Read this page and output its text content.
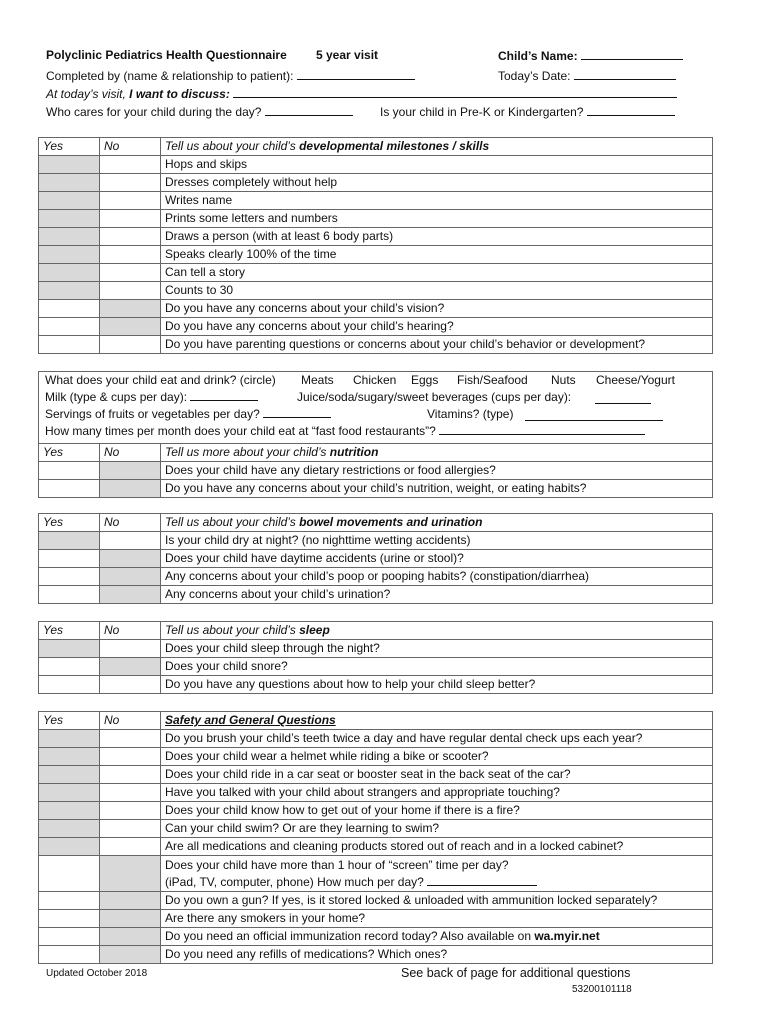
Polyclinic Pediatrics Health Questionnaire 5 year visit	Child’s Name:
Completed by (name & relationship to patient):	Today’s Date:
At today’s visit, I want to discuss:
Who cares for your child during the day?	Is your child in Pre-K or Kindergarten?
Yes	No	Tell us about your child’s developmental milestones / skills
		Hops and skips
		Dresses completely without help
		Writes name
		Prints some letters and numbers
		Draws a person (with at least 6 body parts)
		Speaks clearly 100% of the time
		Can tell a story
		Counts to 30
		Do you have any concerns about your child’s vision?
		Do you have any concerns about your child’s hearing?
		Do you have parenting questions or concerns about your child’s behavior or development?
What does your child eat and drink? (circle) Meats Chicken Eggs Fish/Seafood Nuts Cheese/Yogurt
Milk (type & cups per day):	Juice/soda/sugary/sweet beverages (cups per day):
Servings of fruits or vegetables per day?	Vitamins? (type)
How many times per month does your child eat at “fast food restaurants”?
Yes	No	Tell us more about your child’s nutrition
		Does your child have any dietary restrictions or food allergies?
		Do you have any concerns about your child’s nutrition, weight, or eating habits?
Yes	No	Tell us about your child’s bowel movements and urination
		Is your child dry at night? (no nighttime wetting accidents)
		Does your child have daytime accidents (urine or stool)?
		Any concerns about your child’s poop or pooping habits? (constipation/diarrhea)
		Any concerns about your child’s urination?
Yes	No	Tell us about your child’s sleep
		Does your child sleep through the night?
		Does your child snore?
		Do you have any questions about how to help your child sleep better?
Yes	No	Safety and General Questions
		Do you brush your child’s teeth twice a day and have regular dental check ups each year?
		Does your child wear a helmet while riding a bike or scooter?
		Does your child ride in a car seat or booster seat in the back seat of the car?
		Have you talked with your child about strangers and appropriate touching?
		Does your child know how to get out of your home if there is a fire?
		Can your child swim? Or are they learning to swim?
		Are all medications and cleaning products stored out of reach and in a locked cabinet?

		Does your child have more than 1 hour of “screen” time per day?
(iPad, TV, computer, phone) How much per day?

		Do you own a gun? If yes, is it stored locked & unloaded with ammunition locked separately?
		Are there any smokers in your home?
		Do you need an official immunization record today? Also available on wa.myir.net
		Do you need any refills of medications? Which ones?
Updated October 2018	See back of page for additional questions
53200101118
